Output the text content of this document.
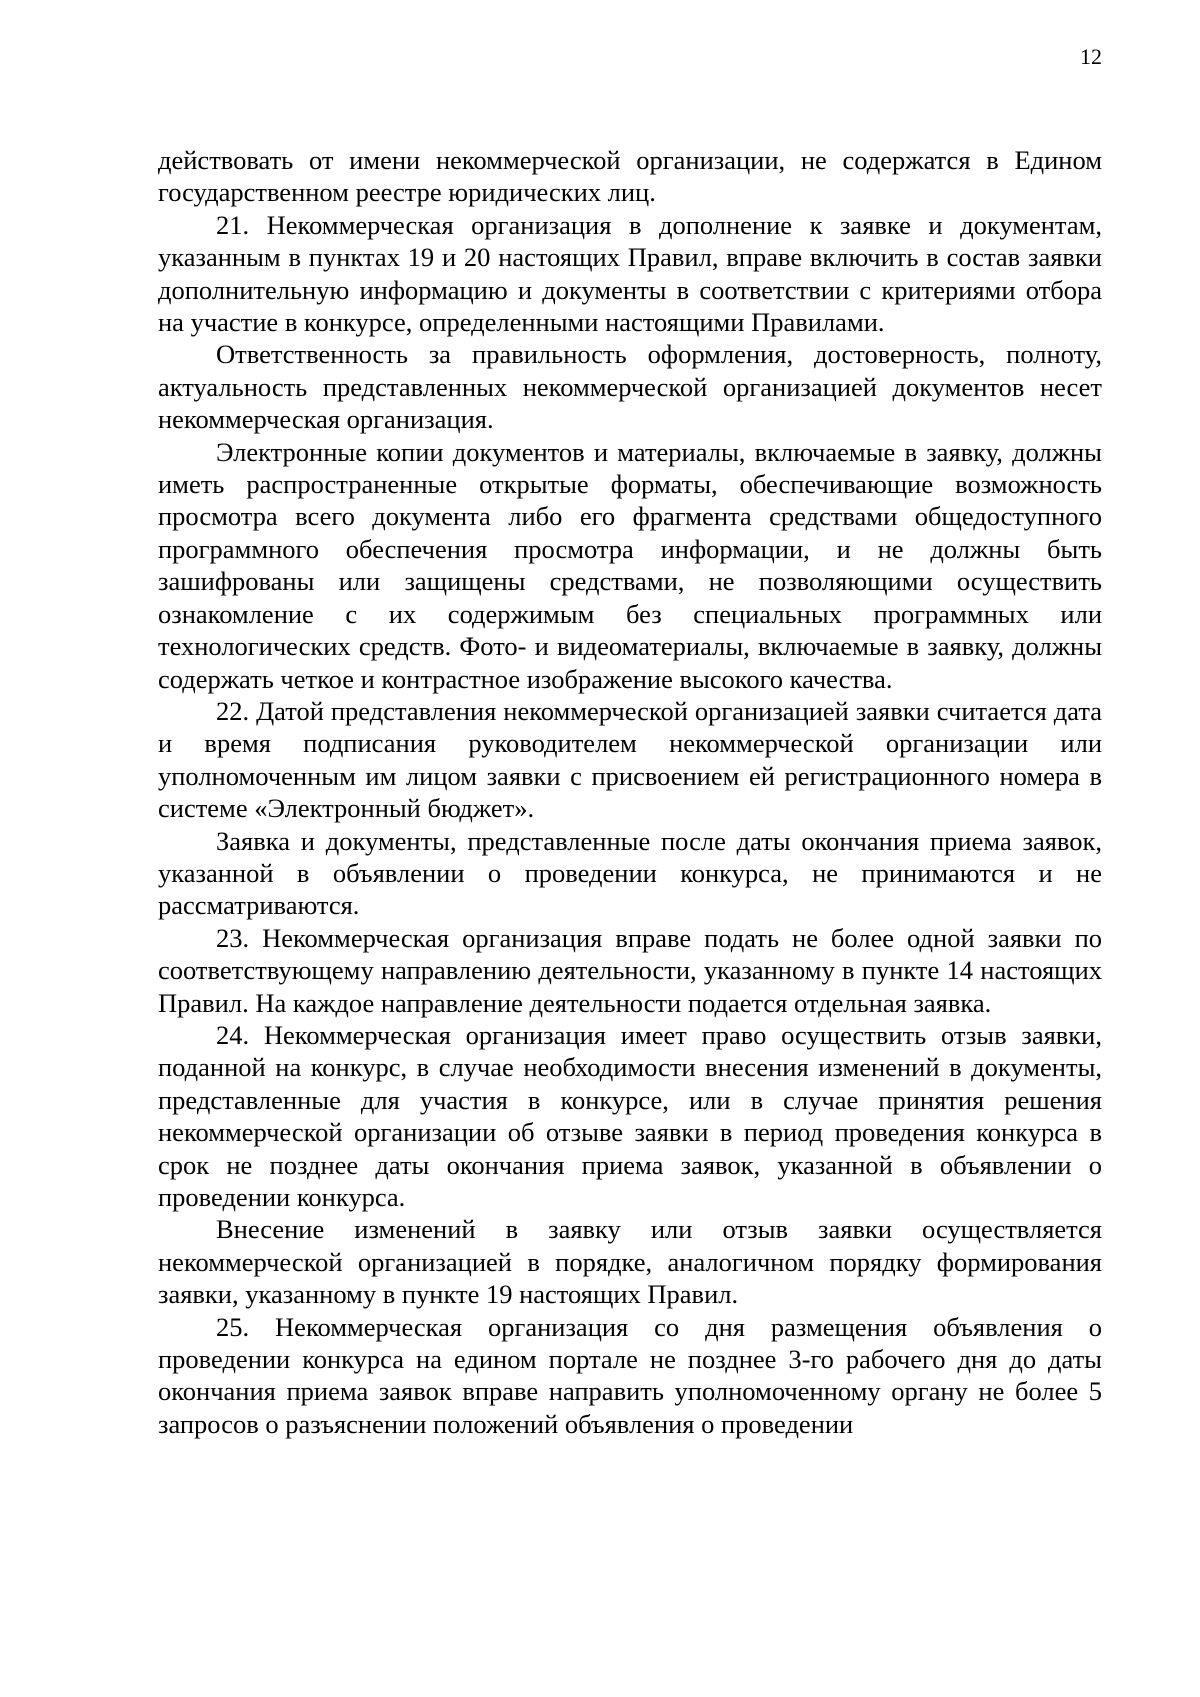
12

действовать от имени некоммерческой организации, не содержатся в Едином государственном реестре юридических лиц.

21. Некоммерческая организация в дополнение к заявке и документам, указанным в пунктах 19 и 20 настоящих Правил, вправе включить в состав заявки дополнительную информацию и документы в соответствии с критериями отбора на участие в конкурсе, определенными настоящими Правилами.

Ответственность за правильность оформления, достоверность, полноту, актуальность представленных некоммерческой организацией документов несет некоммерческая организация.

Электронные копии документов и материалы, включаемые в заявку, должны иметь распространенные открытые форматы, обеспечивающие возможность просмотра всего документа либо его фрагмента средствами общедоступного программного обеспечения просмотра информации, и не должны быть зашифрованы или защищены средствами, не позволяющими осуществить ознакомление с их содержимым без специальных программных или технологических средств. Фото- и видеоматериалы, включаемые в заявку, должны содержать четкое и контрастное изображение высокого качества.

22. Датой представления некоммерческой организацией заявки считается дата и время подписания руководителем некоммерческой организации или уполномоченным им лицом заявки с присвоением ей регистрационного номера в системе «Электронный бюджет».

Заявка и документы, представленные после даты окончания приема заявок, указанной в объявлении о проведении конкурса, не принимаются и не рассматриваются.

23. Некоммерческая организация вправе подать не более одной заявки по соответствующему направлению деятельности, указанному в пункте 14 настоящих Правил. На каждое направление деятельности подается отдельная заявка.

24. Некоммерческая организация имеет право осуществить отзыв заявки, поданной на конкурс, в случае необходимости внесения изменений в документы, представленные для участия в конкурсе, или в случае принятия решения некоммерческой организации об отзыве заявки в период проведения конкурса в срок не позднее даты окончания приема заявок, указанной в объявлении о проведении конкурса.

Внесение изменений в заявку или отзыв заявки осуществляется некоммерческой организацией в порядке, аналогичном порядку формирования заявки, указанному в пункте 19 настоящих Правил.

25. Некоммерческая организация со дня размещения объявления о проведении конкурса на едином портале не позднее 3-го рабочего дня до даты окончания приема заявок вправе направить уполномоченному органу не более 5 запросов о разъяснении положений объявления о проведении
